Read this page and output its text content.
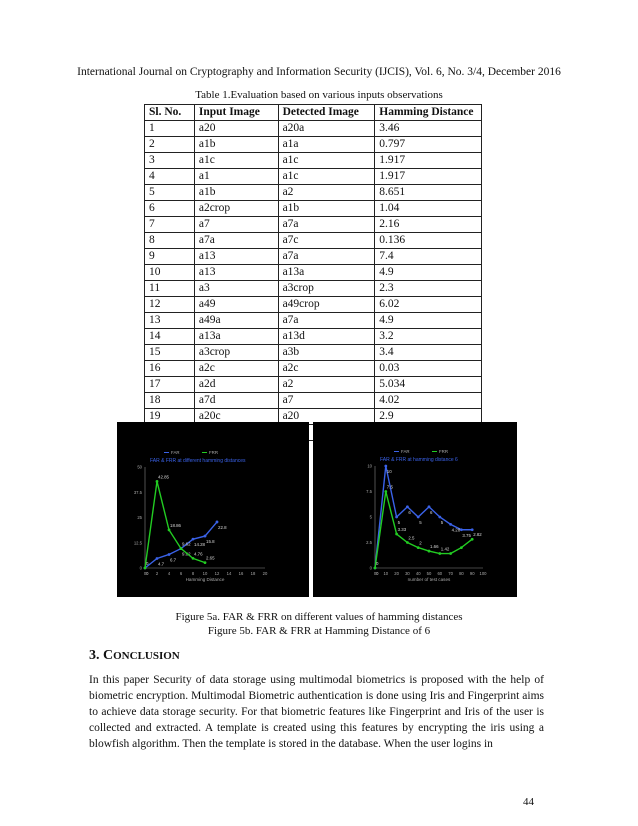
International Journal on Cryptography and Information Security (IJCIS), Vol. 6, No. 3/4, December 2016
Table 1.Evaluation based on various inputs observations
Sl. No.	Input Image	Detected Image	Hamming Distance
1	a20	a20a	3.46
2	a1b	a1a	0.797
3	a1c	a1c	1.917
4	a1	a1c	1.917
5	a1b	a2	8.651
6	a2crop	a1b	1.04
7	a7	a7a	2.16
8	a7a	a7c	0.136
9	a13	a7a	7.4
10	a13	a13a	4.9
11	a3	a3crop	2.3
12	a49	a49crop	6.02
13	a49a	a7a	4.9
14	a13a	a13d	3.2
15	a3crop	a3b	3.4
16	a2c	a2c	0.03
17	a2d	a2	5.034
18	a7d	a7	4.02
19	a20c	a20	2.9

0 2 4 6 8 10 12 14 16 18 20
0
12.5
25
37.5
50
FAR & FRR at different hamming distances
Hamming Distance
FAR	FRR
0
4.7
6.7
9.62
14.28
15.8
22.8
0
42.85
18.86
9.62
4.76
2.65
0 10 20 30 40 50 60 70 80 90 100
0
2.5
5
7.5
10
FAR & FRR at hamming distance 6
number of test cases
FAR	FRR
0
10
5
6
5
6
5
4.28
3.75
0
7.5
3.33
2.5
2
1.66 1.42
2.82
Figure 5a. FAR & FRR on different values of hamming distances
Figure 5b. FAR & FRR at Hamming Distance of 6
3. CONCLUSION

In this paper Security of data storage using multimodal biometrics is proposed with the help of biometric encryption. Multimodal Biometric authentication is done using Iris and Fingerprint aims to achieve data storage security. For that biometric features like Fingerprint and Iris of the user is collected and extracted. A template is created using this features by encrypting the iris using a blowfish algorithm. Then the template is stored in the database. When the user logins in

44
